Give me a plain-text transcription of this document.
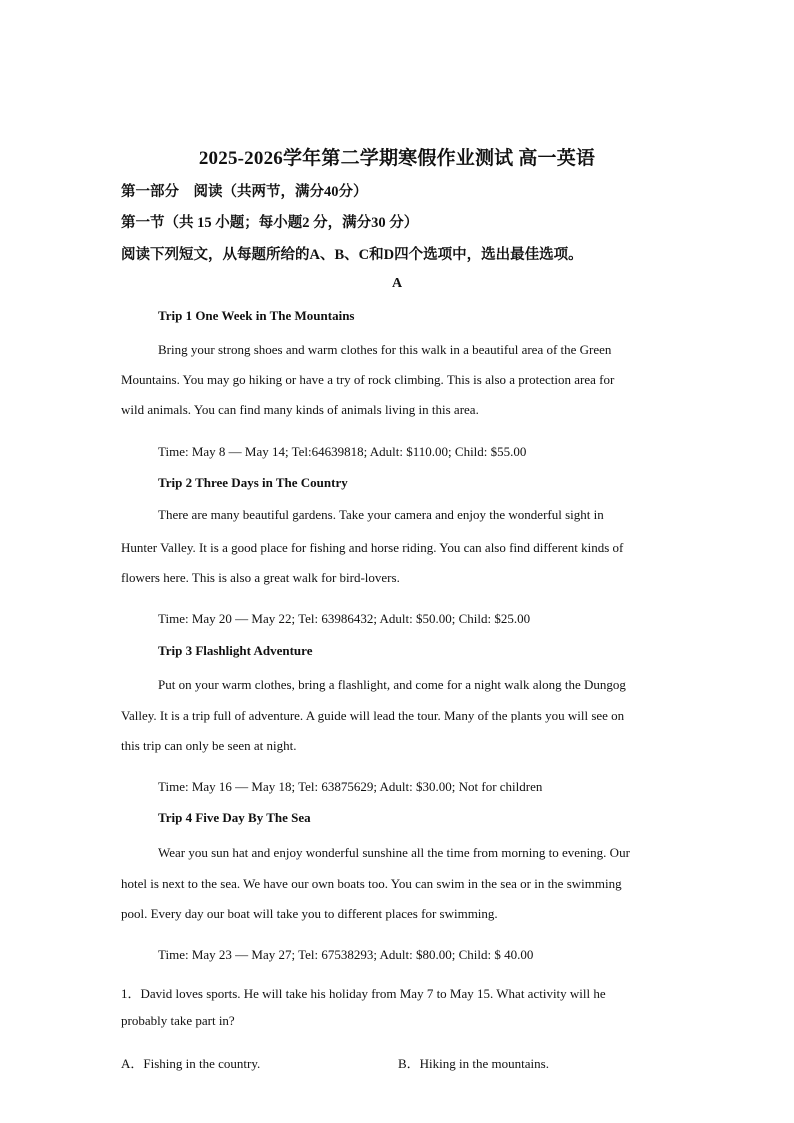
2025-2026学年第二学期寒假作业测试 高一英语
第一部分　阅读（共两节，满分40分）
第一节（共 15 小题；每小题2 分，满分30 分）
阅读下列短文，从每题所给的A、B、C和D四个选项中，选出最佳选项。
A
Trip 1 One Week in The Mountains
Bring your strong shoes and warm clothes for this walk in a beautiful area of the Green
Mountains. You may go hiking or have a try of rock climbing. This is also a protection area for
wild animals. You can find many kinds of animals living in this area.
Time: May 8 — May 14; Tel:64639818; Adult: $110.00; Child: $55.00
Trip 2 Three Days in The Country
There are many beautiful gardens. Take your camera and enjoy the wonderful sight in
Hunter Valley. It is a good place for fishing and horse riding. You can also find different kinds of
flowers here. This is also a great walk for bird-lovers.
Time: May 20 — May 22; Tel: 63986432; Adult: $50.00; Child: $25.00
Trip 3 Flashlight Adventure
Put on your warm clothes, bring a flashlight, and come for a night walk along the Dungog
Valley. It is a trip full of adventure. A guide will lead the tour. Many of the plants you will see on
this trip can only be seen at night.
Time: May 16 — May 18; Tel: 63875629; Adult: $30.00; Not for children
Trip 4 Five Day By The Sea
Wear you sun hat and enjoy wonderful sunshine all the time from morning to evening. Our
hotel is next to the sea. We have our own boats too. You can swim in the sea or in the swimming
pool. Every day our boat will take you to different places for swimming.
Time: May 23 — May 27; Tel: 67538293; Adult: $80.00; Child: $ 40.00
1．David loves sports. He will take his holiday from May 7 to May 15. What activity will he
probably take part in?
A．Fishing in the country.	B．Hiking in the mountains.
